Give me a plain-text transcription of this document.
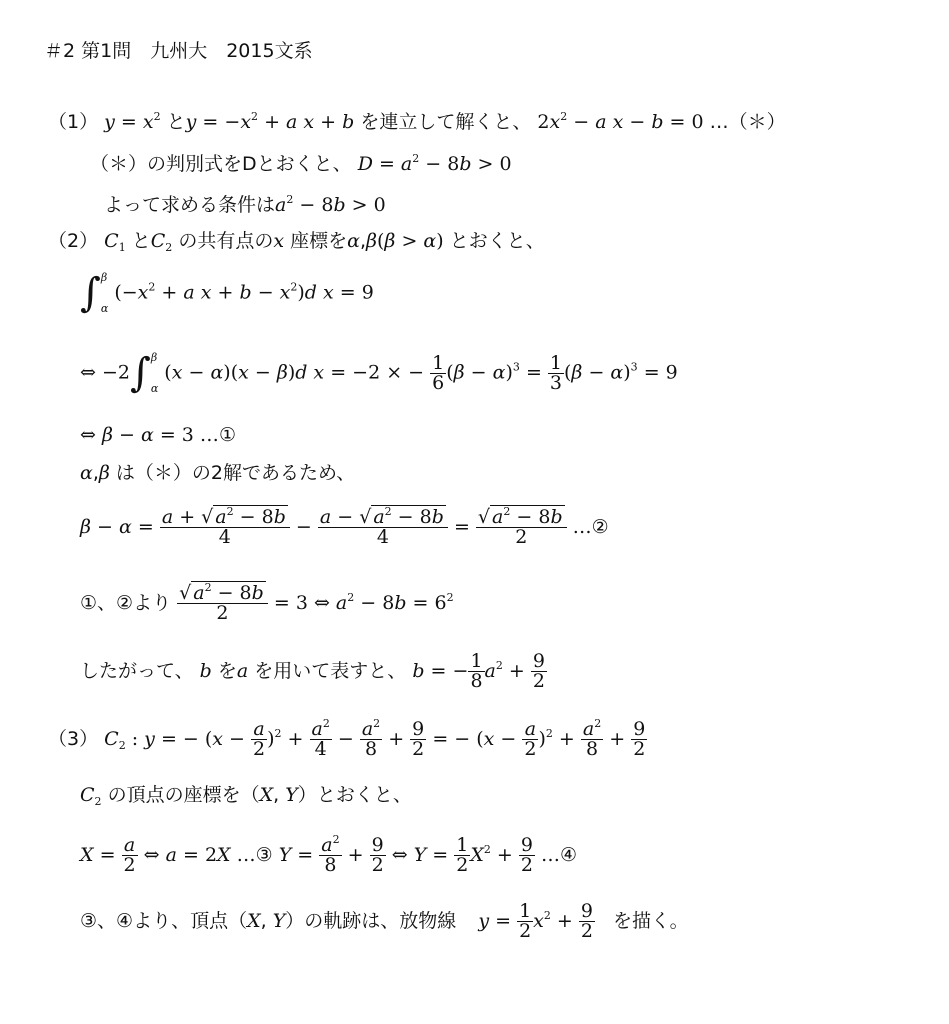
＃2 第1問　九州大　2015文系
（1） $y = x^2$ と$y = -x^2 + a$ x + b を連立して解くと、 $2x^2 - a$ x − b = 0 …（＊）
（＊）の判別式をDとおくと、 $D = a^2 - 8b > 0$
よって求める条件は$a^2 - 8b > 0$
（2） $C_1$ と$C_2$ の共有点のx 座標をα,β(β > α) とおくと、
∫ β
α
($-x^2 + a$ $x + b - x^2)d$ x = 9
⇔ −2∫ β
α
(x − α)(x − β)d x = −2 × − $\frac{1}{6} (\beta - \alpha)^3 = \frac{1}{3} (\beta - \alpha)^3 = 9$
⇔ β − α = 3 …①
α,β は（＊）の2解であるため、
$\beta - \alpha = \frac{a + √ a^2 - 8b}{4} - \frac{a - √ a^2 - 8b}{4} = \frac{√ a^2 - 8b}{2}$ …②
①、②より $\frac{√ a^2 - 8b}{2} = 3$ ⇔ $a^2 - 8b = 6^2$
したがって、 b をa を用いて表すと、 b = − $\frac{1}{8} a^2 + \frac{9}{2}$
（3） $C_2$ : y = − $(x - \frac{a}{2} )^2 + \frac{a^2}{4} - \frac{a^2}{8} + \frac{9}{2}$ = − $(x - \frac{a}{2} )^2 + \frac{a^2}{8} + \frac{9}{2}$
$C_2$ の頂点の座標を（X, Y）とおくと、
$X = \frac{a}{2}$ ⇔ a = 2X …③ $Y = \frac{a^2}{8} + \frac{9}{2}$ ⇔ $Y = \frac{1}{2} X^2 + \frac{9}{2}$ …④
③、④より、頂点（X, Y）の軌跡は、放物線 $y = \frac{1}{2} x^2 + \frac{9}{2}$ を描く。
